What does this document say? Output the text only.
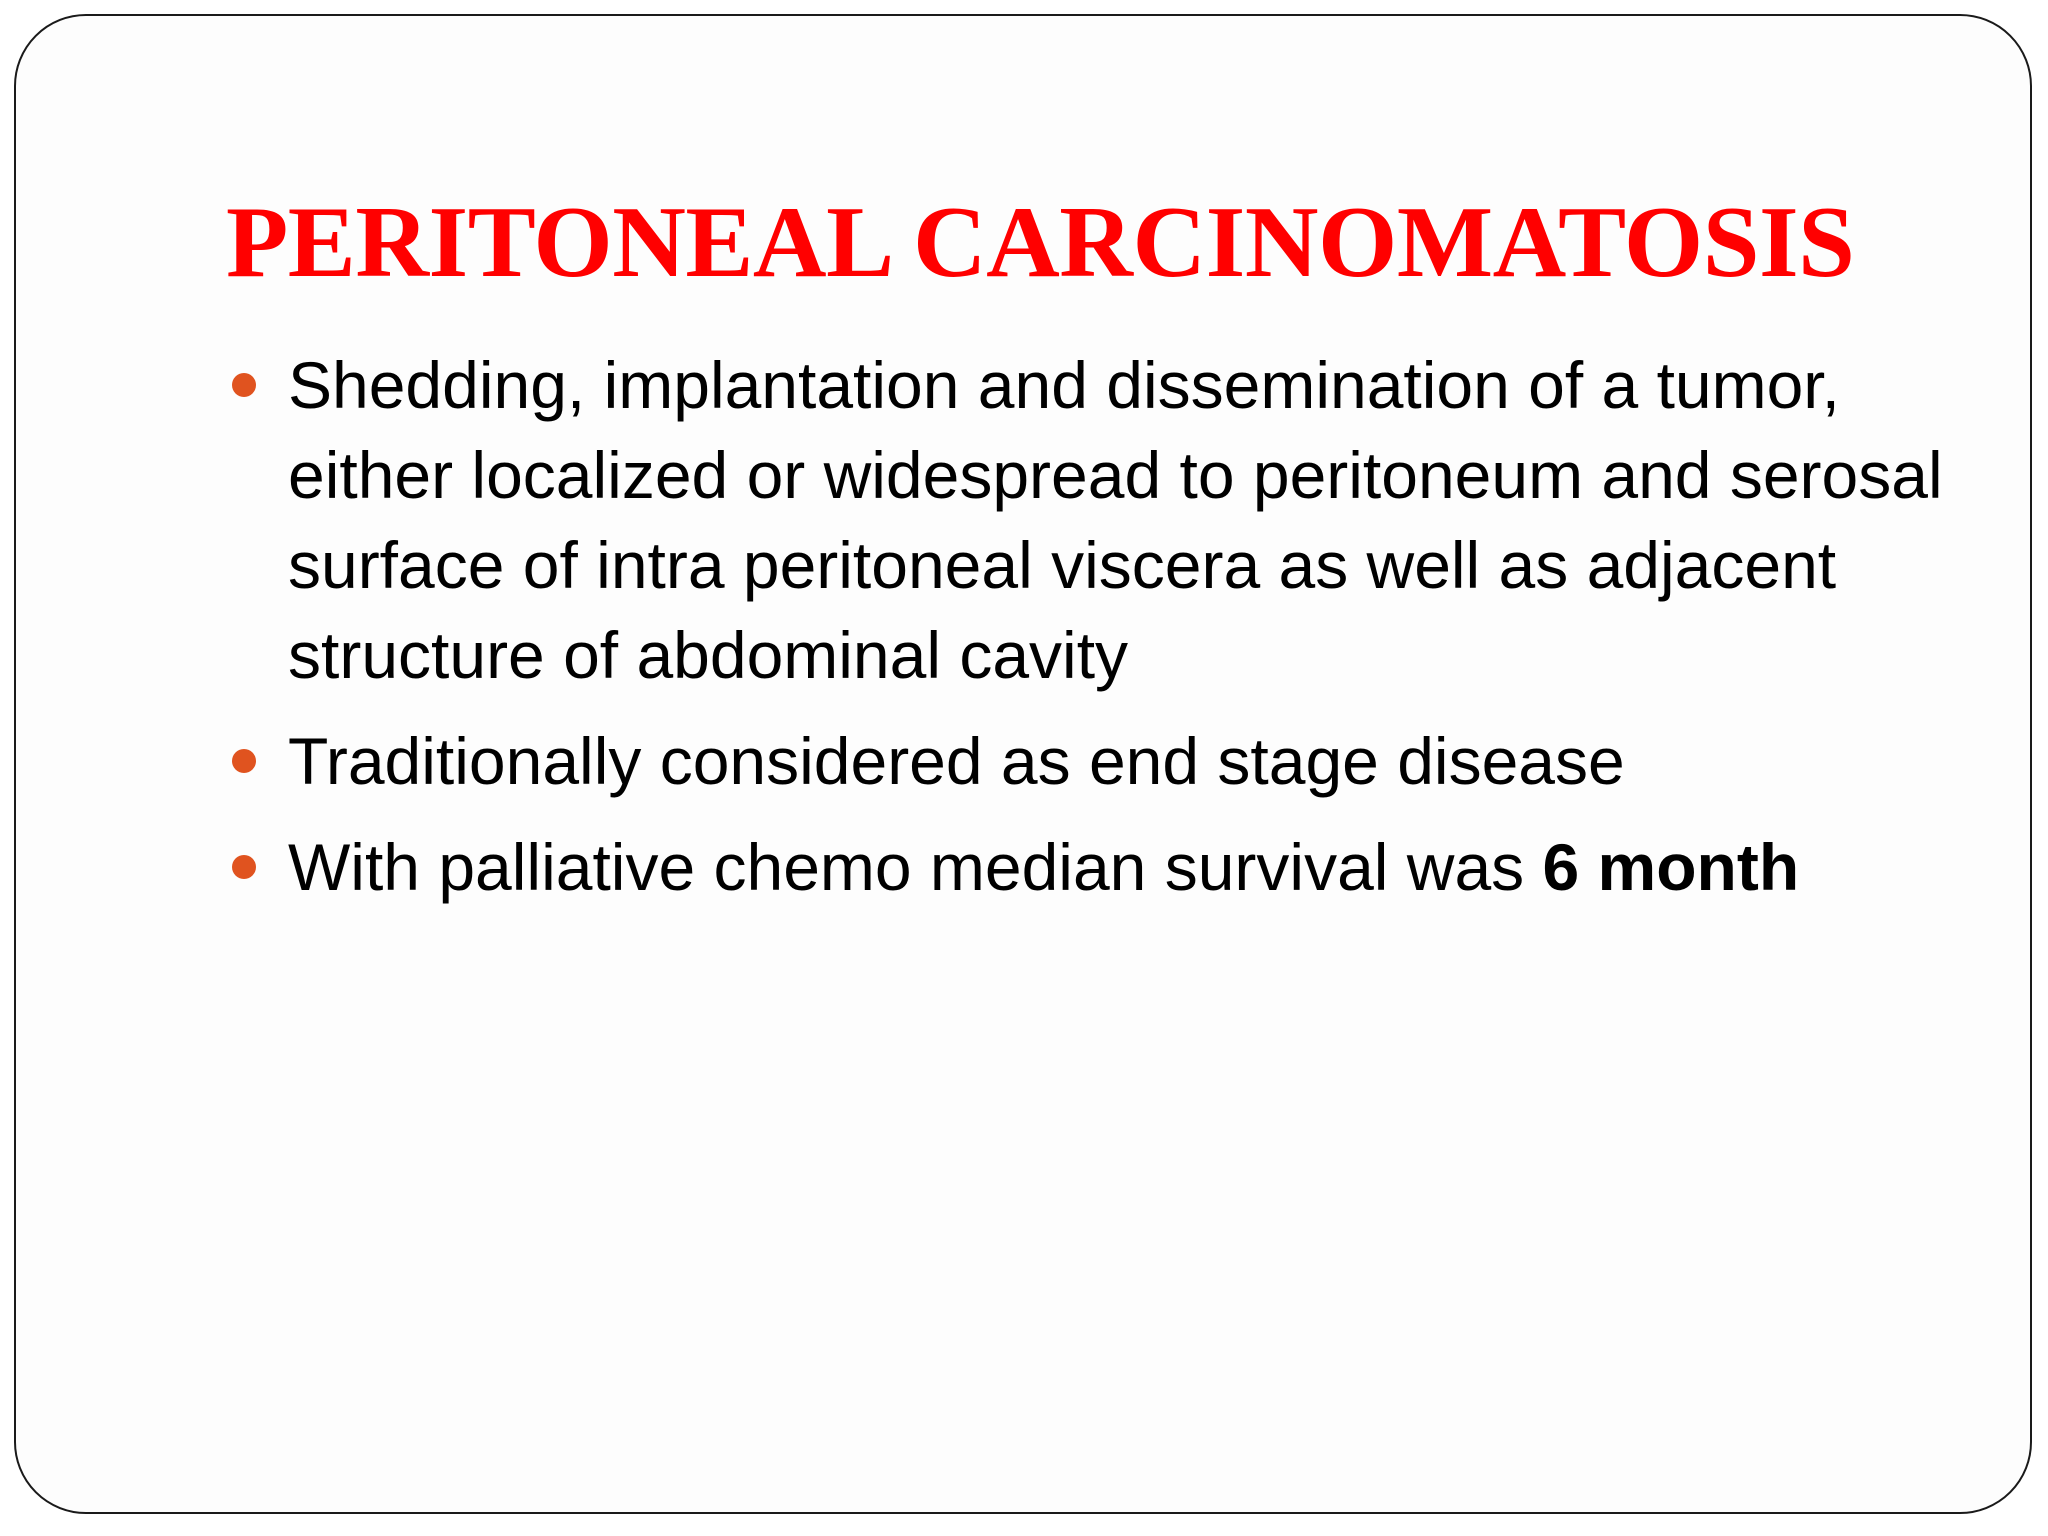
PERITONEAL CARCINOMATOSIS
Shedding, implantation and dissemination of a tumor, either localized or widespread to peritoneum and serosal surface of intra peritoneal viscera as well as adjacent structure of abdominal cavity
Traditionally considered as end stage disease
With palliative chemo median survival was 6 month
